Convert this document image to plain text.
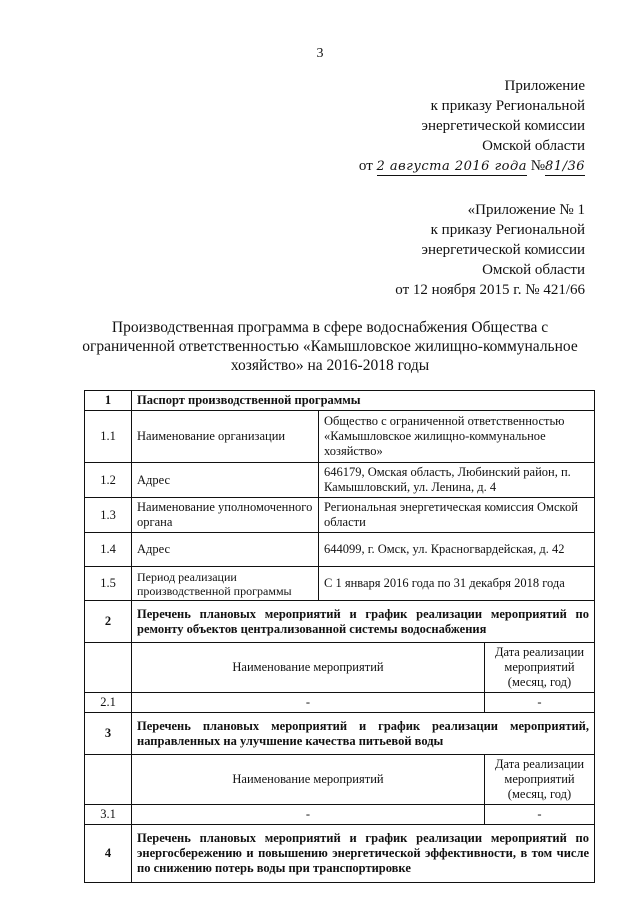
3
Приложение
к приказу Региональной
энергетической комиссии
Омской области
от 2 августа 2016 года №81/36
«Приложение № 1
к приказу Региональной
энергетической комиссии
Омской области
от 12 ноября 2015 г. № 421/66
Производственная программа в сфере водоснабжения Общества с
ограниченной ответственностью «Камышловское жилищно-коммунальное
хозяйство» на 2016-2018 годы
1	Паспорт производственной программы		
1.1	Наименование организации	Общество с ограниченной ответственностью «Камышловское жилищно-коммунальное хозяйство»	
1.2	Адрес	646179, Омская область, Любинский район, п. Камышловский, ул. Ленина, д. 4	
1.3	Наименование уполномоченного органа	Региональная энергетическая комиссия Омской области	
1.4	Адрес	644099, г. Омск, ул. Красногвардейская, д. 42	
1.5	Период реализации производственной программы	С 1 января 2016 года по 31 декабря 2018 года	
2	Перечень плановых мероприятий и график реализации мероприятий по ремонту объектов централизованной системы водоснабжения		
	Наименование мероприятий		Дата реализации мероприятий (месяц, год)
2.1	-		-
3	Перечень плановых мероприятий и график реализации мероприятий, направленных на улучшение качества питьевой воды		
	Наименование мероприятий		Дата реализации мероприятий (месяц, год)
3.1	-		-
4	Перечень плановых мероприятий и график реализации мероприятий по энергосбережению и повышению энергетической эффективности, в том числе по снижению потерь воды при транспортировке		
